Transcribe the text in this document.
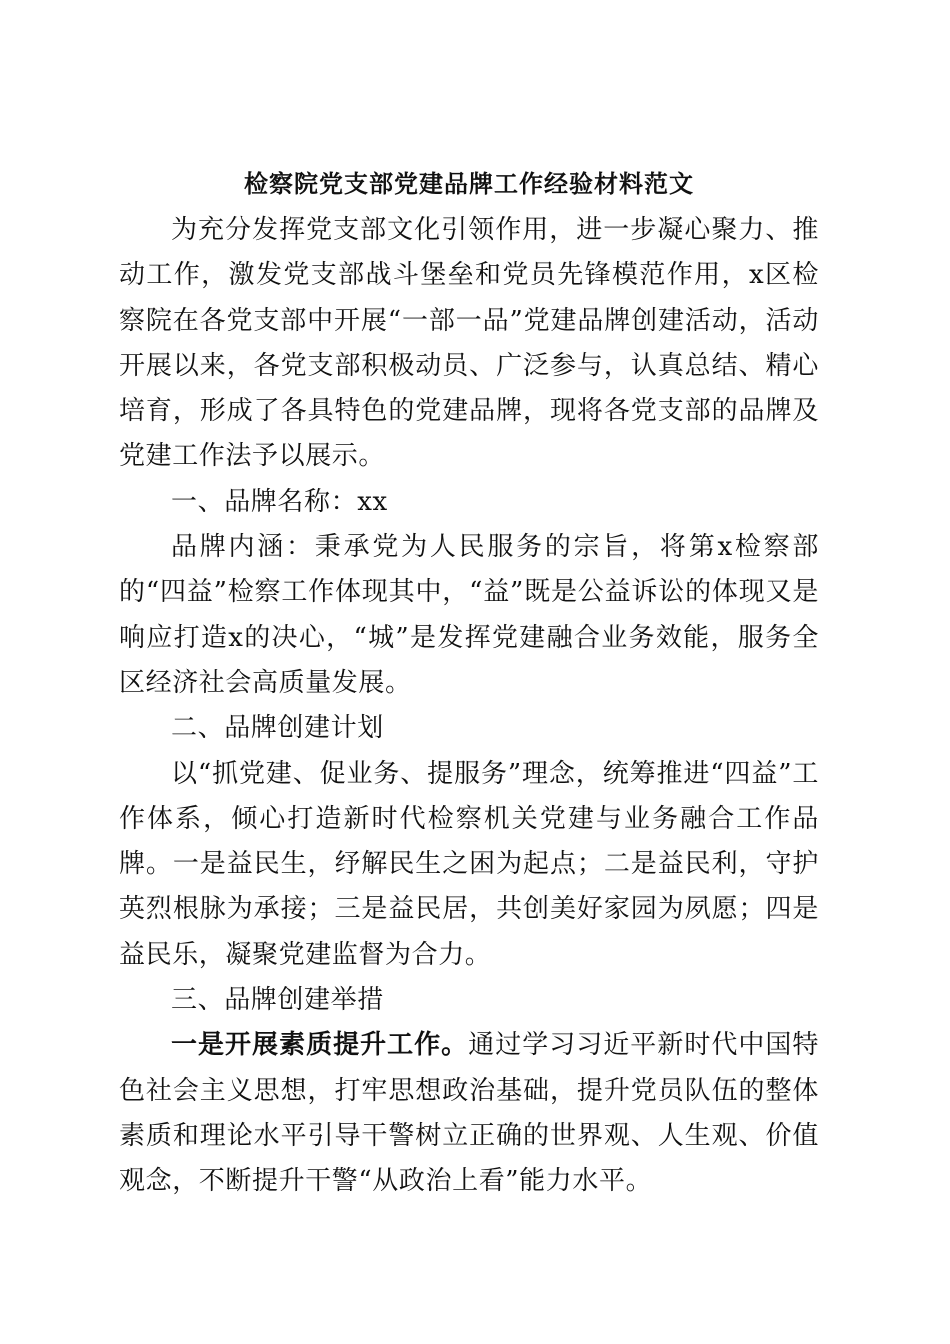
检察院党支部党建品牌工作经验材料范文

为充分发挥党支部文化引领作用，进一步凝心聚力、推动工作，激发党支部战斗堡垒和党员先锋模范作用，x区检察院在各党支部中开展“一部一品”党建品牌创建活动，活动开展以来，各党支部积极动员、广泛参与，认真总结、精心培育，形成了各具特色的党建品牌，现将各党支部的品牌及党建工作法予以展示。

一、品牌名称：xx

品牌内涵：秉承党为人民服务的宗旨，将第x检察部的“四益”检察工作体现其中，“益”既是公益诉讼的体现又是响应打造x的决心，“城”是发挥党建融合业务效能，服务全区经济社会高质量发展。

二、品牌创建计划

以“抓党建、促业务、提服务”理念，统筹推进“四益”工作体系，倾心打造新时代检察机关党建与业务融合工作品牌。一是益民生，纾解民生之困为起点；二是益民利，守护英烈根脉为承接；三是益民居，共创美好家园为夙愿；四是益民乐，凝聚党建监督为合力。

三、品牌创建举措

一是开展素质提升工作。通过学习习近平新时代中国特色社会主义思想，打牢思想政治基础，提升党员队伍的整体素质和理论水平引导干警树立正确的世界观、人生观、价值观念，不断提升干警“从政治上看”能力水平。
